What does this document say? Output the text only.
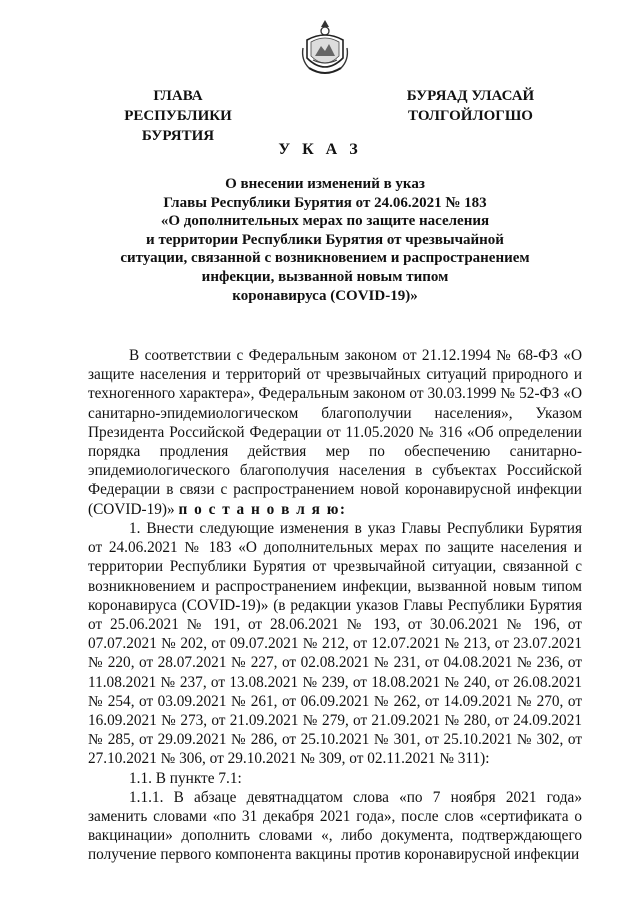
ГЛАВА
РЕСПУБЛИКИ БУРЯТИЯ
БУРЯАД УЛАСАЙ
ТОЛГОЙЛОГШО
У К А З
О внесении изменений в указ
Главы Республики Бурятия от 24.06.2021 № 183
«О дополнительных мерах по защите населения
и территории Республики Бурятия от чрезвычайной
ситуации, связанной с возникновением и распространением
инфекции, вызванной новым типом
коронавируса (COVID-19)»

В соответствии с Федеральным законом от 21.12.1994 № 68-ФЗ «О защите населения и территорий от чрезвычайных ситуаций природного и техногенного характера», Федеральным законом от 30.03.1999 № 52-ФЗ «О санитарно-эпидемиологическом благополучии населения», Указом Президента Российской Федерации от 11.05.2020 № 316 «Об определении порядка продления действия мер по обеспечению санитарно-эпидемиологического благополучия населения в субъектах Российской Федерации в связи с распространением новой коронавирусной инфекции (COVID-19)» п о с т а н о в л я ю:

1. Внести следующие изменения в указ Главы Республики Бурятия от 24.06.2021 № 183 «О дополнительных мерах по защите населения и территории Республики Бурятия от чрезвычайной ситуации, связанной с возникновением и распространением инфекции, вызванной новым типом коронавируса (COVID-19)» (в редакции указов Главы Республики Бурятия от 25.06.2021 № 191, от 28.06.2021 № 193, от 30.06.2021 № 196, от 07.07.2021 № 202, от 09.07.2021 № 212, от 12.07.2021 № 213, от 23.07.2021 № 220, от 28.07.2021 № 227, от 02.08.2021 № 231, от 04.08.2021 № 236, от 11.08.2021 № 237, от 13.08.2021 № 239, от 18.08.2021 № 240, от 26.08.2021 № 254, от 03.09.2021 № 261, от 06.09.2021 № 262, от 14.09.2021 № 270, от 16.09.2021 № 273, от 21.09.2021 № 279, от 21.09.2021 № 280, от 24.09.2021 № 285, от 29.09.2021 № 286, от 25.10.2021 № 301, от 25.10.2021 № 302, от 27.10.2021 № 306, от 29.10.2021 № 309, от 02.11.2021 № 311):

1.1. В пункте 7.1:

1.1.1. В абзаце девятнадцатом слова «по 7 ноября 2021 года» заменить словами «по 31 декабря 2021 года», после слов «сертификата о вакцинации» дополнить словами «, либо документа, подтверждающего получение первого компонента вакцины против коронавирусной инфекции
